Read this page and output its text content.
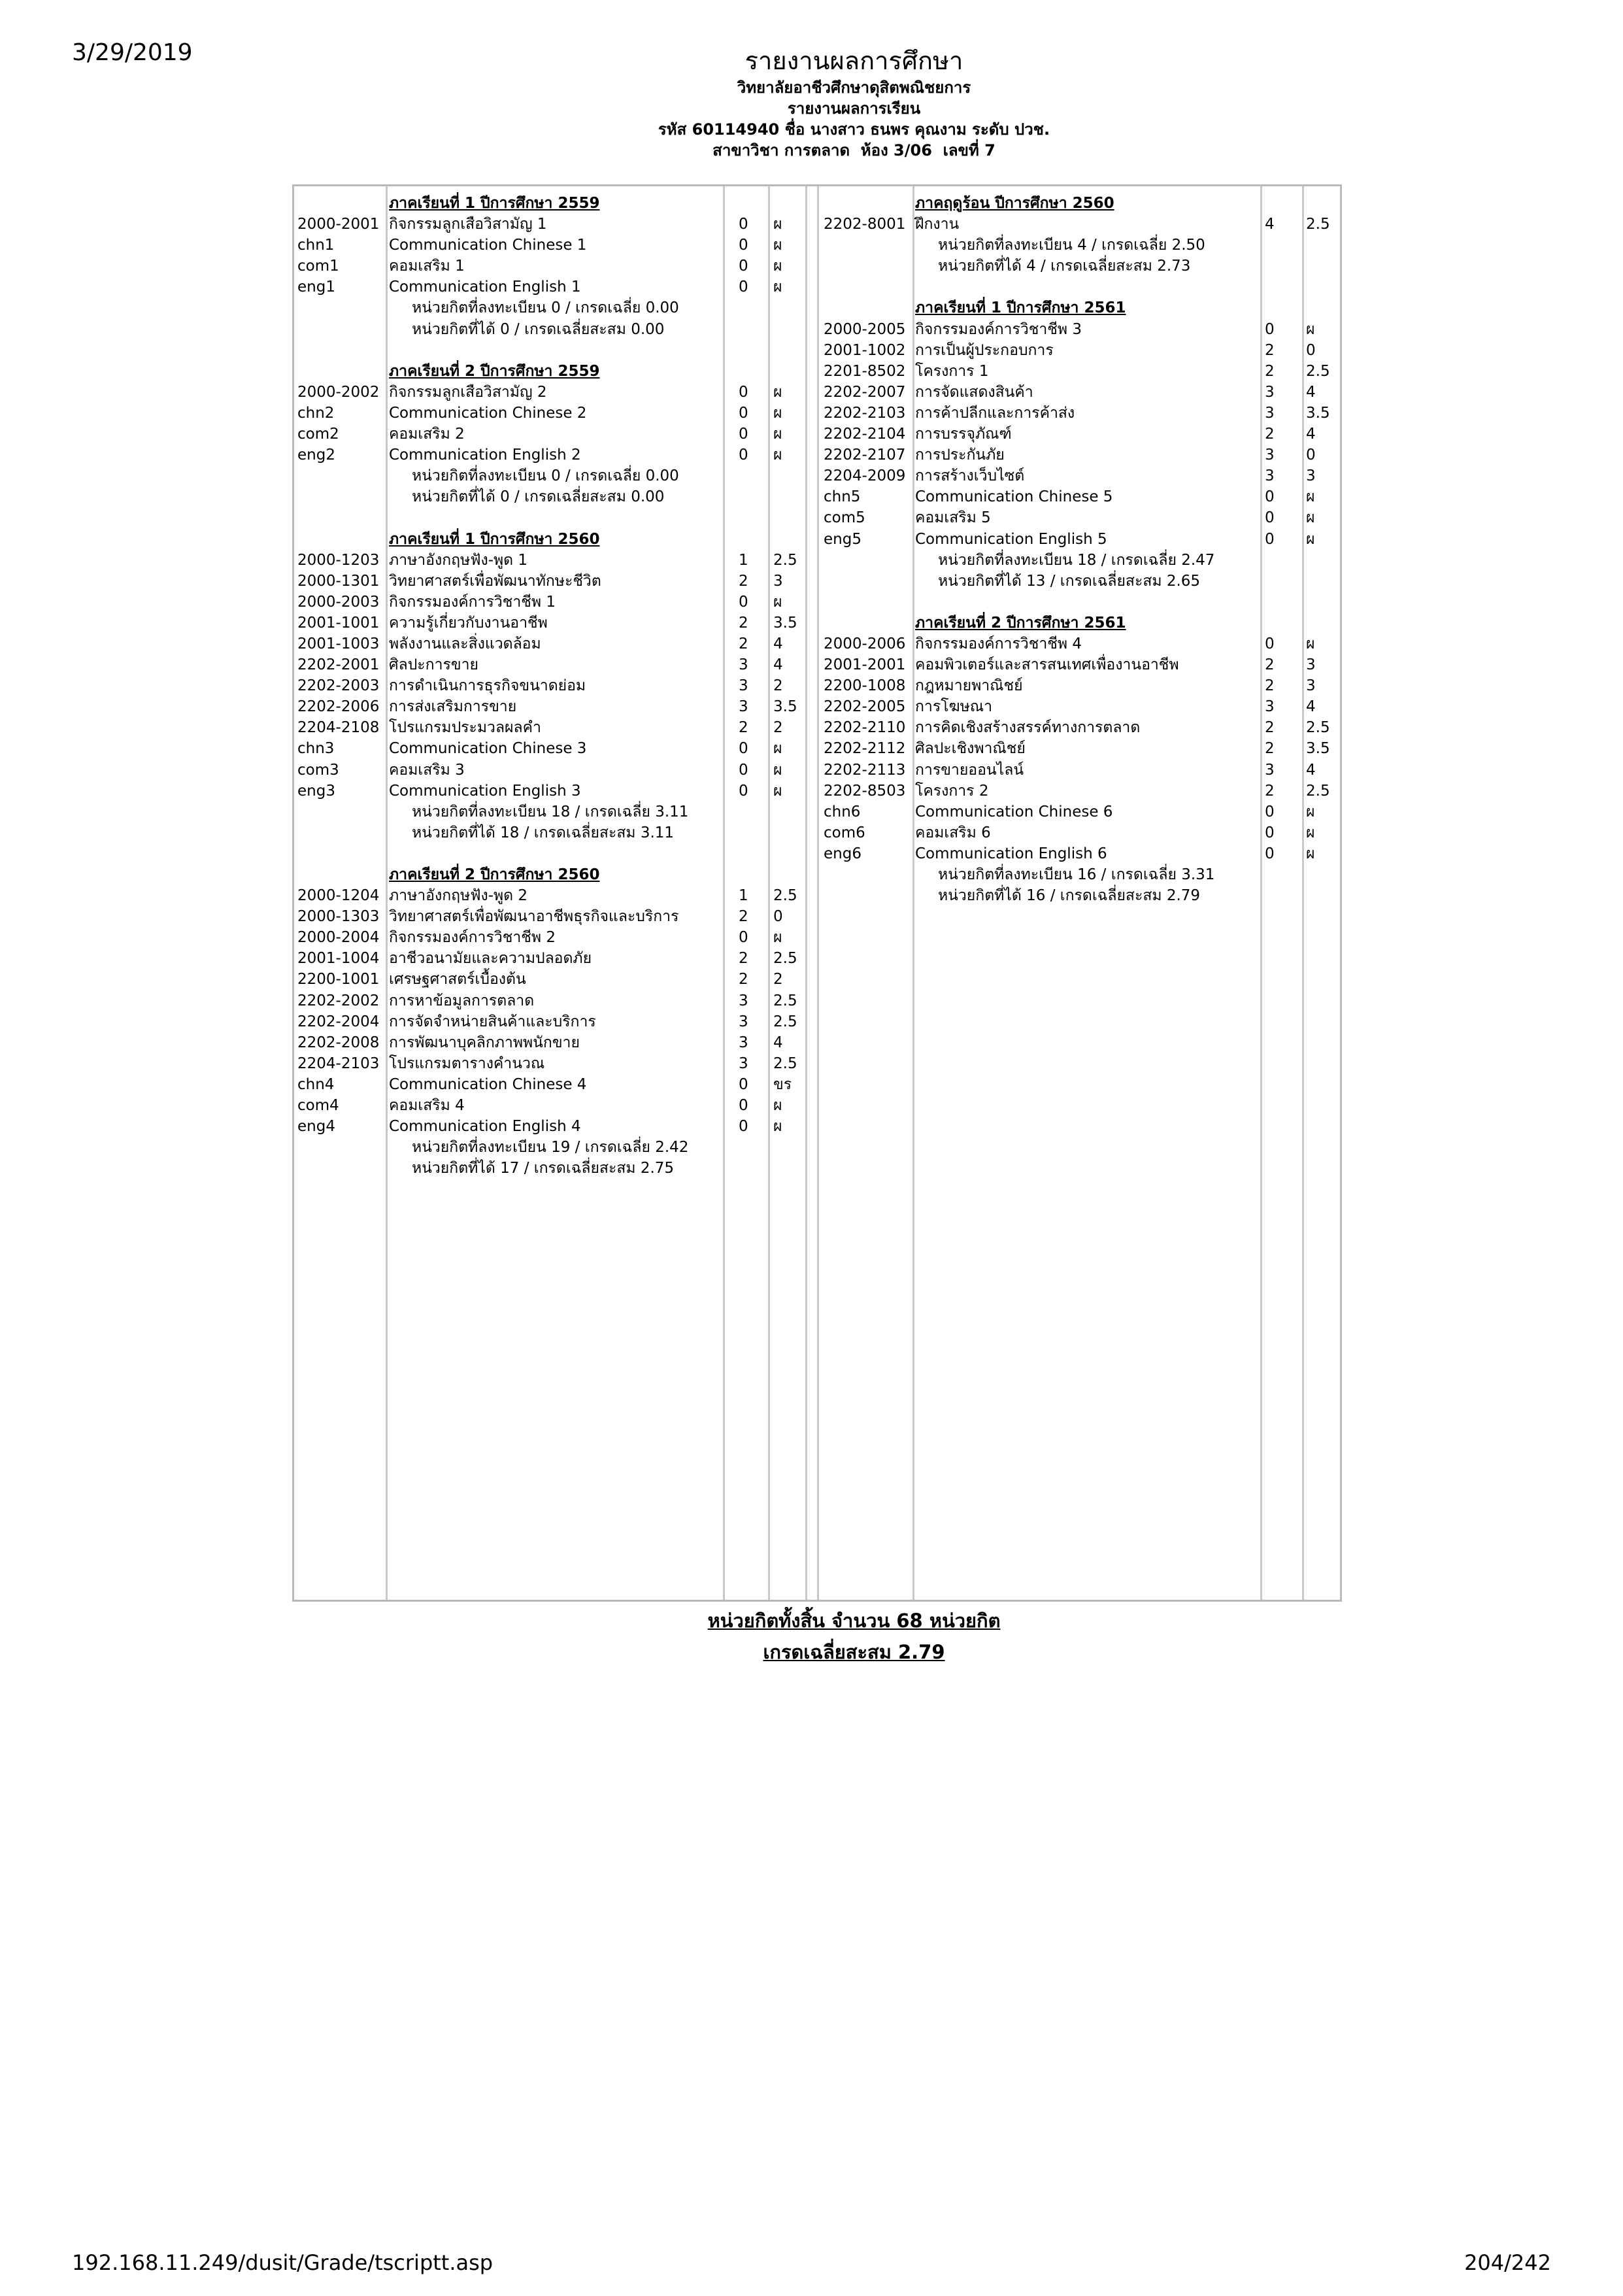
3/29/2019	รายงานผลการศึกษา
วิทยาลัยอาชีวศึกษาดุสิตพณิชยการ
รายงานผลการเรียน
รหัส 60114940 ชื่อ นางสาว ธนพร คุณงาม ระดับ ปวช.
สาขาวิชา การตลาด  ห้อง 3/06  เลขที่ 7
ภาคเรียนที่ 1 ปีการศึกษา 2559
2000-2001 กิจกรรมลูกเสือวิสามัญ 1	0 ผ
chn1	Communication Chinese 1	0 ผ
com1	คอมเสริม 1	0 ผ
eng1	Communication English 1	0 ผ
หน่วยกิตที่ลงทะเบียน 0 / เกรดเฉลี่ย 0.00
หน่วยกิตที่ได้ 0 / เกรดเฉลี่ยสะสม 0.00
ภาคเรียนที่ 2 ปีการศึกษา 2559
2000-2002 กิจกรรมลูกเสือวิสามัญ 2	0 ผ
chn2	Communication Chinese 2	0 ผ
com2	คอมเสริม 2	0 ผ
eng2	Communication English 2	0 ผ
หน่วยกิตที่ลงทะเบียน 0 / เกรดเฉลี่ย 0.00
หน่วยกิตที่ได้ 0 / เกรดเฉลี่ยสะสม 0.00
ภาคเรียนที่ 1 ปีการศึกษา 2560
2000-1203 ภาษาอังกฤษฟัง-พูด 1	1 2.5
2000-1301 วิทยาศาสตร์เพื่อพัฒนาทักษะชีวิต	2 3
2000-2003 กิจกรรมองค์การวิชาชีพ 1	0 ผ
2001-1001 ความรู้เกี่ยวกับงานอาชีพ	2 3.5
2001-1003 พลังงานและสิ่งแวดล้อม	2 4
2202-2001 ศิลปะการขาย	3 4
2202-2003 การดำเนินการธุรกิจขนาดย่อม	3 2
2202-2006 การส่งเสริมการขาย	3 3.5
2204-2108 โปรแกรมประมวลผลคำ	2 2
chn3	Communication Chinese 3	0 ผ
com3	คอมเสริม 3	0 ผ
eng3	Communication English 3	0 ผ
หน่วยกิตที่ลงทะเบียน 18 / เกรดเฉลี่ย 3.11
หน่วยกิตที่ได้ 18 / เกรดเฉลี่ยสะสม 3.11
ภาคเรียนที่ 2 ปีการศึกษา 2560
2000-1204 ภาษาอังกฤษฟัง-พูด 2	1 2.5
2000-1303 วิทยาศาสตร์เพื่อพัฒนาอาชีพธุรกิจและบริการ	2 0
2000-2004 กิจกรรมองค์การวิชาชีพ 2	0 ผ
2001-1004 อาชีวอนามัยและความปลอดภัย	2 2.5
2200-1001 เศรษฐศาสตร์เบื้องต้น	2 2
2202-2002 การหาข้อมูลการตลาด	3 2.5
2202-2004 การจัดจำหน่ายสินค้าและบริการ	3 2.5
2202-2008 การพัฒนาบุคลิกภาพพนักขาย	3 4
2204-2103 โปรแกรมตารางคำนวณ	3 2.5
chn4	Communication Chinese 4	0 ขร
com4	คอมเสริม 4	0 ผ
eng4	Communication English 4	0 ผ
หน่วยกิตที่ลงทะเบียน 19 / เกรดเฉลี่ย 2.42
หน่วยกิตที่ได้ 17 / เกรดเฉลี่ยสะสม 2.75
ภาคฤดูร้อน ปีการศึกษา 2560
2202-8001 ฝึกงาน	4 2.5
หน่วยกิตที่ลงทะเบียน 4 / เกรดเฉลี่ย 2.50
หน่วยกิตที่ได้ 4 / เกรดเฉลี่ยสะสม 2.73
ภาคเรียนที่ 1 ปีการศึกษา 2561
2000-2005 กิจกรรมองค์การวิชาชีพ 3	0 ผ
2001-1002 การเป็นผู้ประกอบการ	2 0
2201-8502 โครงการ 1	2 2.5
2202-2007 การจัดแสดงสินค้า	3 4
2202-2103 การค้าปลีกและการค้าส่ง	3 3.5
2202-2104 การบรรจุภัณฑ์	2 4
2202-2107 การประกันภัย	3 0
2204-2009 การสร้างเว็บไซต์	3 3
chn5	Communication Chinese 5	0 ผ
com5	คอมเสริม 5	0 ผ
eng5	Communication English 5	0 ผ
หน่วยกิตที่ลงทะเบียน 18 / เกรดเฉลี่ย 2.47
หน่วยกิตที่ได้ 13 / เกรดเฉลี่ยสะสม 2.65
ภาคเรียนที่ 2 ปีการศึกษา 2561
2000-2006 กิจกรรมองค์การวิชาชีพ 4	0 ผ
2001-2001 คอมพิวเตอร์และสารสนเทศเพื่องานอาชีพ	2 3
2200-1008 กฎหมายพาณิชย์	2 3
2202-2005 การโฆษณา	3 4
2202-2110 การคิดเชิงสร้างสรรค์ทางการตลาด	2 2.5
2202-2112 ศิลปะเชิงพาณิชย์	2 3.5
2202-2113 การขายออนไลน์	3 4
2202-8503 โครงการ 2	2 2.5
chn6	Communication Chinese 6	0 ผ
com6	คอมเสริม 6	0 ผ
eng6	Communication English 6	0 ผ
หน่วยกิตที่ลงทะเบียน 16 / เกรดเฉลี่ย 3.31
หน่วยกิตที่ได้ 16 / เกรดเฉลี่ยสะสม 2.79
หน่วยกิตทั้งสิ้น จำนวน 68 หน่วยกิต
เกรดเฉลี่ยสะสม 2.79
192.168.11.249/dusit/Grade/tscriptt.asp	204/242
